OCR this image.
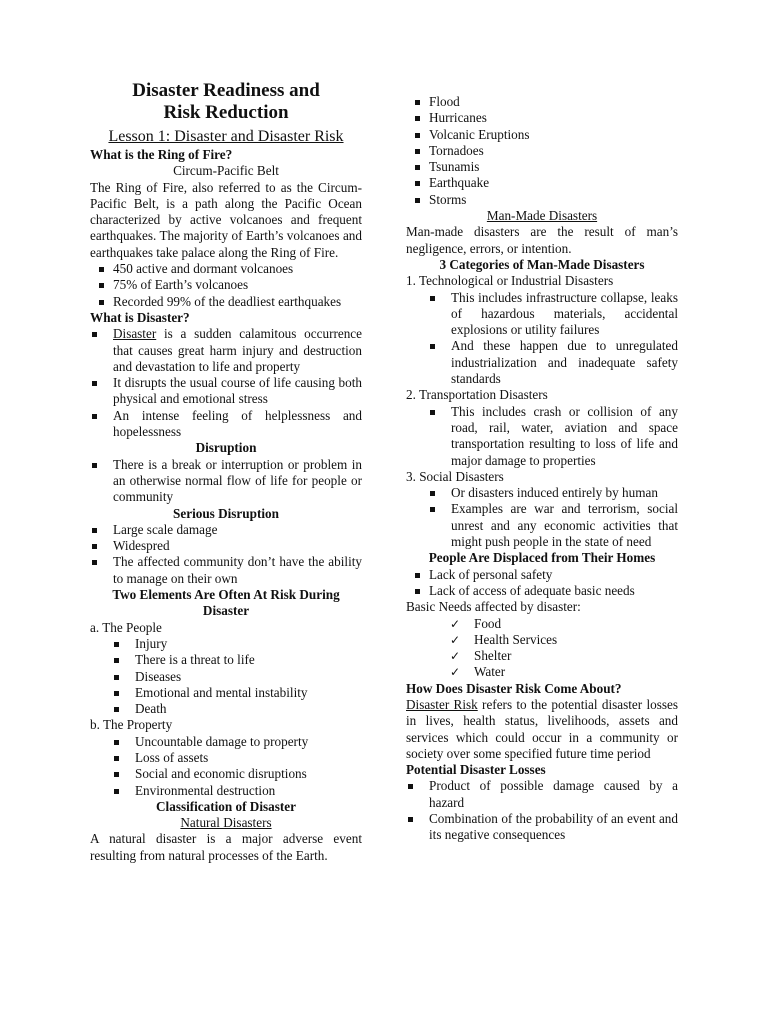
Disaster Readiness and

Risk Reduction

Lesson 1: Disaster and Disaster Risk

What is the Ring of Fire?

Circum-Pacific Belt

The Ring of Fire, also referred to as the Circum-Pacific Belt, is a path along the Pacific Ocean characterized by active volcanoes and frequent earthquakes. The majority of Earth’s volcanoes and earthquakes take palace along the Ring of Fire.

450 active and dormant volcanoes
75% of Earth’s volcanoes
Recorded 99% of the deadliest earthquakes

What is Disaster?

Disaster is a sudden calamitous occurrence that causes great harm injury and destruction and devastation to life and property
It disrupts the usual course of life causing both physical and emotional stress
An intense feeling of helplessness and hopelessness

Disruption

There is a break or interruption or problem in an otherwise normal flow of life for people or community

Serious Disruption

Large scale damage
Widespred
The affected community don’t have the ability to manage on their own

Two Elements Are Often At Risk During Disaster

a. The People

Injury
There is a threat to life
Diseases
Emotional and mental instability
Death

b. The Property

Uncountable damage to property
Loss of assets
Social and economic disruptions
Environmental destruction

Classification of Disaster

Natural Disasters

A natural disaster is a major adverse event resulting from natural processes of the Earth.

Flood
Hurricanes
Volcanic Eruptions
Tornadoes
Tsunamis
Earthquake
Storms

Man-Made Disasters

Man-made disasters are the result of man’s negligence, errors, or intention.

3 Categories of Man-Made Disasters

1. Technological or Industrial Disasters

This includes infrastructure collapse, leaks of hazardous materials, accidental explosions or utility failures
And these happen due to unregulated industrialization and inadequate safety standards

2. Transportation Disasters

This includes crash or collision of any road, rail, water, aviation and space transportation resulting to loss of life and major damage to properties

3. Social Disasters

Or disasters induced entirely by human
Examples are war and terrorism, social unrest and any economic activities that might push people in the state of need

People Are Displaced from Their Homes

Lack of personal safety
Lack of access of adequate basic needs

Basic Needs affected by disaster:

✓ Food
✓ Health Services
✓ Shelter
✓ Water

How Does Disaster Risk Come About?

Disaster Risk refers to the potential disaster losses in lives, health status, livelihoods, assets and services which could occur in a community or society over some specified future time period

Potential Disaster Losses

Product of possible damage caused by a hazard
Combination of the probability of an event and its negative consequences
